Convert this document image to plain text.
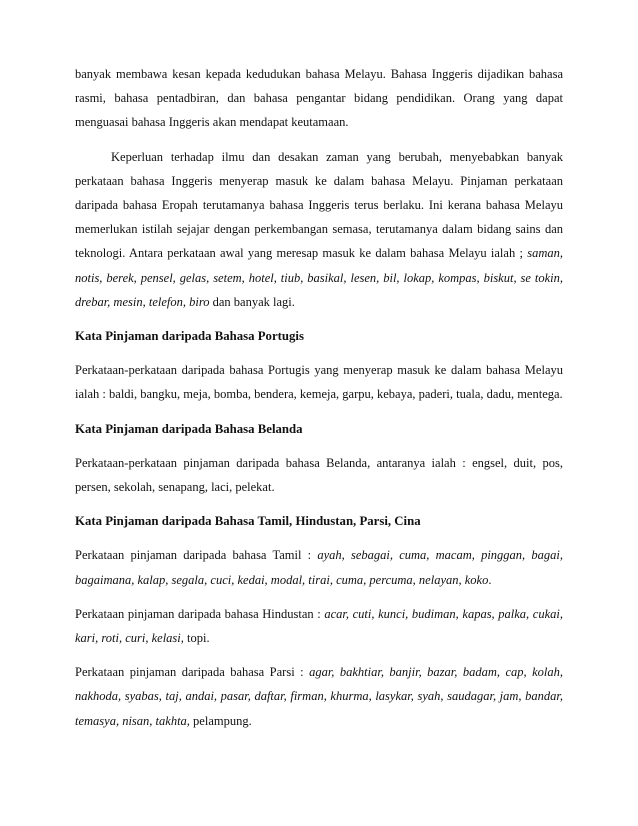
banyak membawa kesan kepada kedudukan bahasa Melayu. Bahasa Inggeris dijadikan bahasa rasmi, bahasa pentadbiran, dan bahasa pengantar bidang pendidikan. Orang yang dapat menguasai bahasa Inggeris akan mendapat keutamaan.

Keperluan terhadap ilmu dan desakan zaman yang berubah, menyebabkan banyak perkataan bahasa Inggeris menyerap masuk ke dalam bahasa Melayu. Pinjaman perkataan daripada bahasa Eropah terutamanya bahasa Inggeris terus berlaku. Ini kerana bahasa Melayu memerlukan istilah sejajar dengan perkembangan semasa, terutamanya dalam bidang sains dan teknologi. Antara perkataan awal yang meresap masuk ke dalam bahasa Melayu ialah ; saman, notis, berek, pensel, gelas, setem, hotel, tiub, basikal, lesen, bil, lokap, kompas, biskut, se tokin, drebar, mesin, telefon, biro dan banyak lagi.

Kata Pinjaman daripada Bahasa Portugis

Perkataan-perkataan daripada bahasa Portugis yang menyerap masuk ke dalam bahasa Melayu ialah : baldi, bangku, meja, bomba, bendera, kemeja, garpu, kebaya, paderi, tuala, dadu, mentega.

Kata Pinjaman daripada Bahasa Belanda

Perkataan-perkataan pinjaman daripada bahasa Belanda, antaranya ialah : engsel, duit, pos, persen, sekolah, senapang, laci, pelekat.

Kata Pinjaman daripada Bahasa Tamil, Hindustan, Parsi, Cina

Perkataan pinjaman daripada bahasa Tamil : ayah, sebagai, cuma, macam, pinggan, bagai, bagaimana, kalap, segala, cuci, kedai, modal, tirai, cuma, percuma, nelayan, koko.

Perkataan pinjaman daripada bahasa Hindustan : acar, cuti, kunci, budiman, kapas, palka, cukai, kari, roti, curi, kelasi, topi.

Perkataan pinjaman daripada bahasa Parsi : agar, bakhtiar, banjir, bazar, badam, cap, kolah, nakhoda, syabas, taj, andai, pasar, daftar, firman, khurma, lasykar, syah, saudagar, jam, bandar, temasya, nisan, takhta, pelampung.
